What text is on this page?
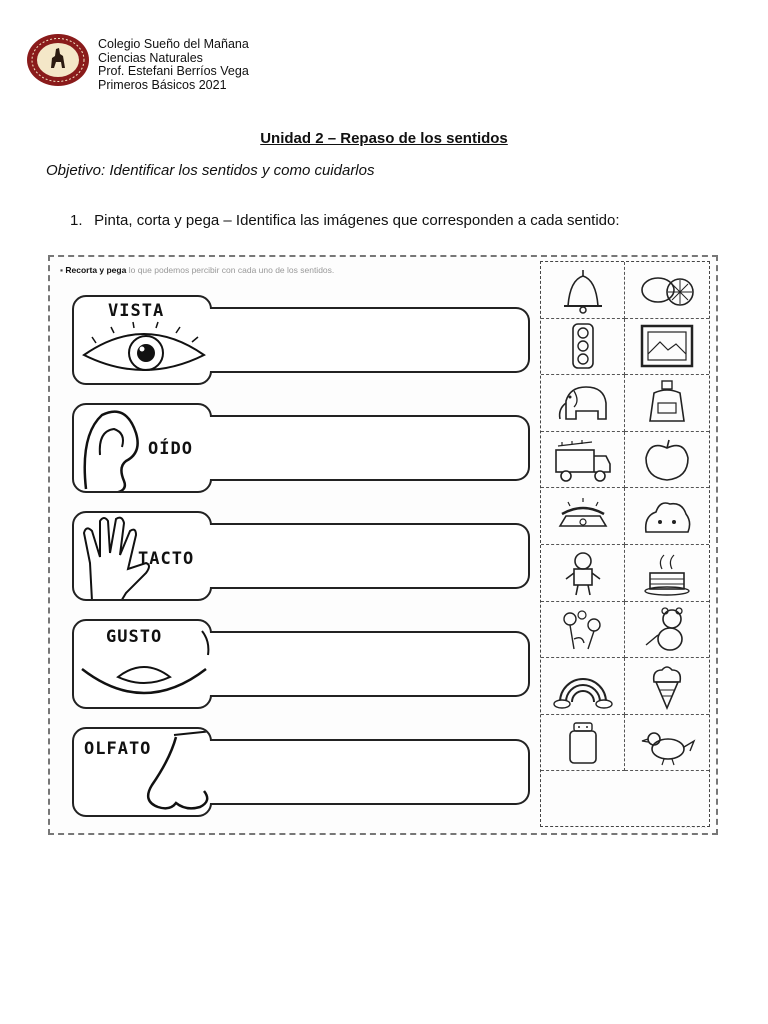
Colegio Sueño del Mañana
Ciencias Naturales
Prof. Estefani Berríos Vega
Primeros Básicos 2021
Unidad 2 – Repaso de los sentidos
Objetivo: Identificar los sentidos y como cuidarlos
1. Pinta, corta y pega – Identifica las imágenes que corresponden a cada sentido:
▪ Recorta y pega lo que podemos percibir con cada uno de los sentidos.
VISTA
OÍDO
TACTO
GUSTO
OLFATO
· · · · · · ·
